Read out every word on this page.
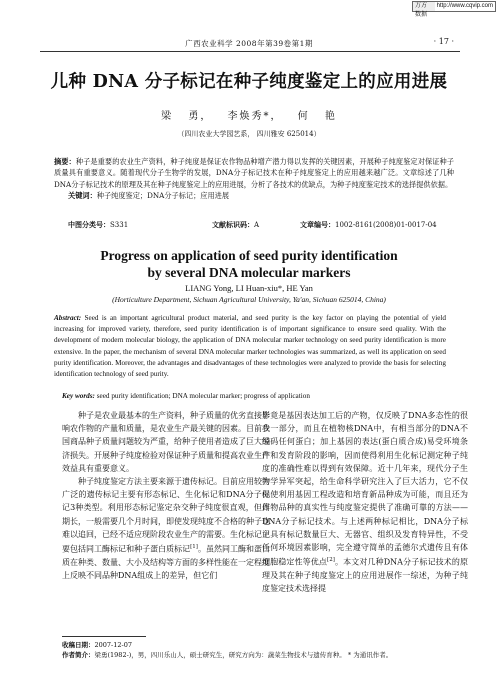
万方数据
http://www.cqvip.com
广西农业科学 2008年第39卷第1期	· 17 ·
儿种 DNA 分子标记在种子纯度鉴定上的应用进展
梁 勇， 李焕秀*， 何 艳
（四川农业大学园艺系， 四川雅安 625014）
摘要：种子是重要的农业生产资料，种子纯度是保证农作物品种增产潜力得以发挥的关键因素，开展种子纯度鉴定对保证种子质量具有重要意义。随着现代分子生物学的发展，DNA分子标记技术在种子纯度鉴定上的应用越来越广泛。文章综述了几种DNA分子标记技术的原理及其在种子纯度鉴定上的应用进展，分析了各技术的优缺点，为种子纯度鉴定技术的选择提供依据。
关键词：种子纯度鉴定；DNA分子标记；应用进展
中图分类号：S331	文献标识码：A	文章编号：1002-8161(2008)01-0017-04
Progress on application of seed purity identification
by several DNA molecular markers
LIANG Yong, LI Huan-xiu*, HE Yan
(Horticulture Department, Sichuan Agricultural University, Ya'an, Sichuan 625014, China)
Abstract: Seed is an important agricultural product material, and seed purity is the key factor on playing the potential of yield increasing for improved variety, therefore, seed purity identification is of important significance to ensure seed quality. With the development of modern molecular biology, the application of DNA molecular marker technology on seed purity identification is more extensive. In the paper, the mechanism of several DNA molecular marker technologies was summarized, as well its application on seed purity identification. Moreover, the advantages and disadvantages of these technologies were analyzed to provide the basis for selecting identification technology of seed purity.
Key words: seed purity identification; DNA molecular marker; progress of application

种子是农业最基本的生产资料，种子质量的优劣直接影响农作物的产量和质量，是农业生产最关键的因素。目前我国商品种子质量问题较为严重，给种子使用者造成了巨大经济损失。开展种子纯度检验对保证种子质量和提高农业生产效益具有重要意义。

种子纯度鉴定方法主要来源于遗传标记。目前应用较为广泛的遗传标记主要有形态标记、生化标记和DNA分子标记3种类型。利用形态标记鉴定杂交种子纯度很直观，但周期长，一般需要几个月时间，即使发现纯度不合格的种子也难以追回，已经不适应现阶段农业生产的需要。生化标记主要包括同工酶标记和种子蛋白质标记[1]。虽然同工酶和蛋白质在种类、数量、大小及结构等方面的多样性能在一定程度上反映不同品种DNA组成上的差异，但它们

毕竟是基因表达加工后的产物，仅反映了DNA多态性的很少一部分，而且在植物核DNA中，有相当部分的DNA不编码任何蛋白；加上基因的表达(蛋白质合成)易受环境条件和发育阶段的影响，因而使得利用生化标记测定种子纯度的准确性难以得到有效保障。近十几年来，现代分子生物学异军突起，给生命科学研究注入了巨大活力，它不仅促使利用基因工程改造和培育新品种成为可能，而且还为作物品种的真实性与纯度鉴定提供了准确可靠的方法——DNA分子标记技术。与上述两种标记相比，DNA分子标记具有标记数量巨大、无器官、组织及发育特异性，不受任何环境因素影响，完全遵守简单的孟德尔式遗传且有体细胞稳定性等优点[2]。本文对几种DNA分子标记技术的原理及其在种子纯度鉴定上的应用进展作一综述，为种子纯度鉴定技术选择提

收稿日期：2007-12-07
作者简介：梁勇(1982-)，男，四川乐山人，硕士研究生，研究方向为：蔬菜生物技术与遗传育种。 * 为通讯作者。
